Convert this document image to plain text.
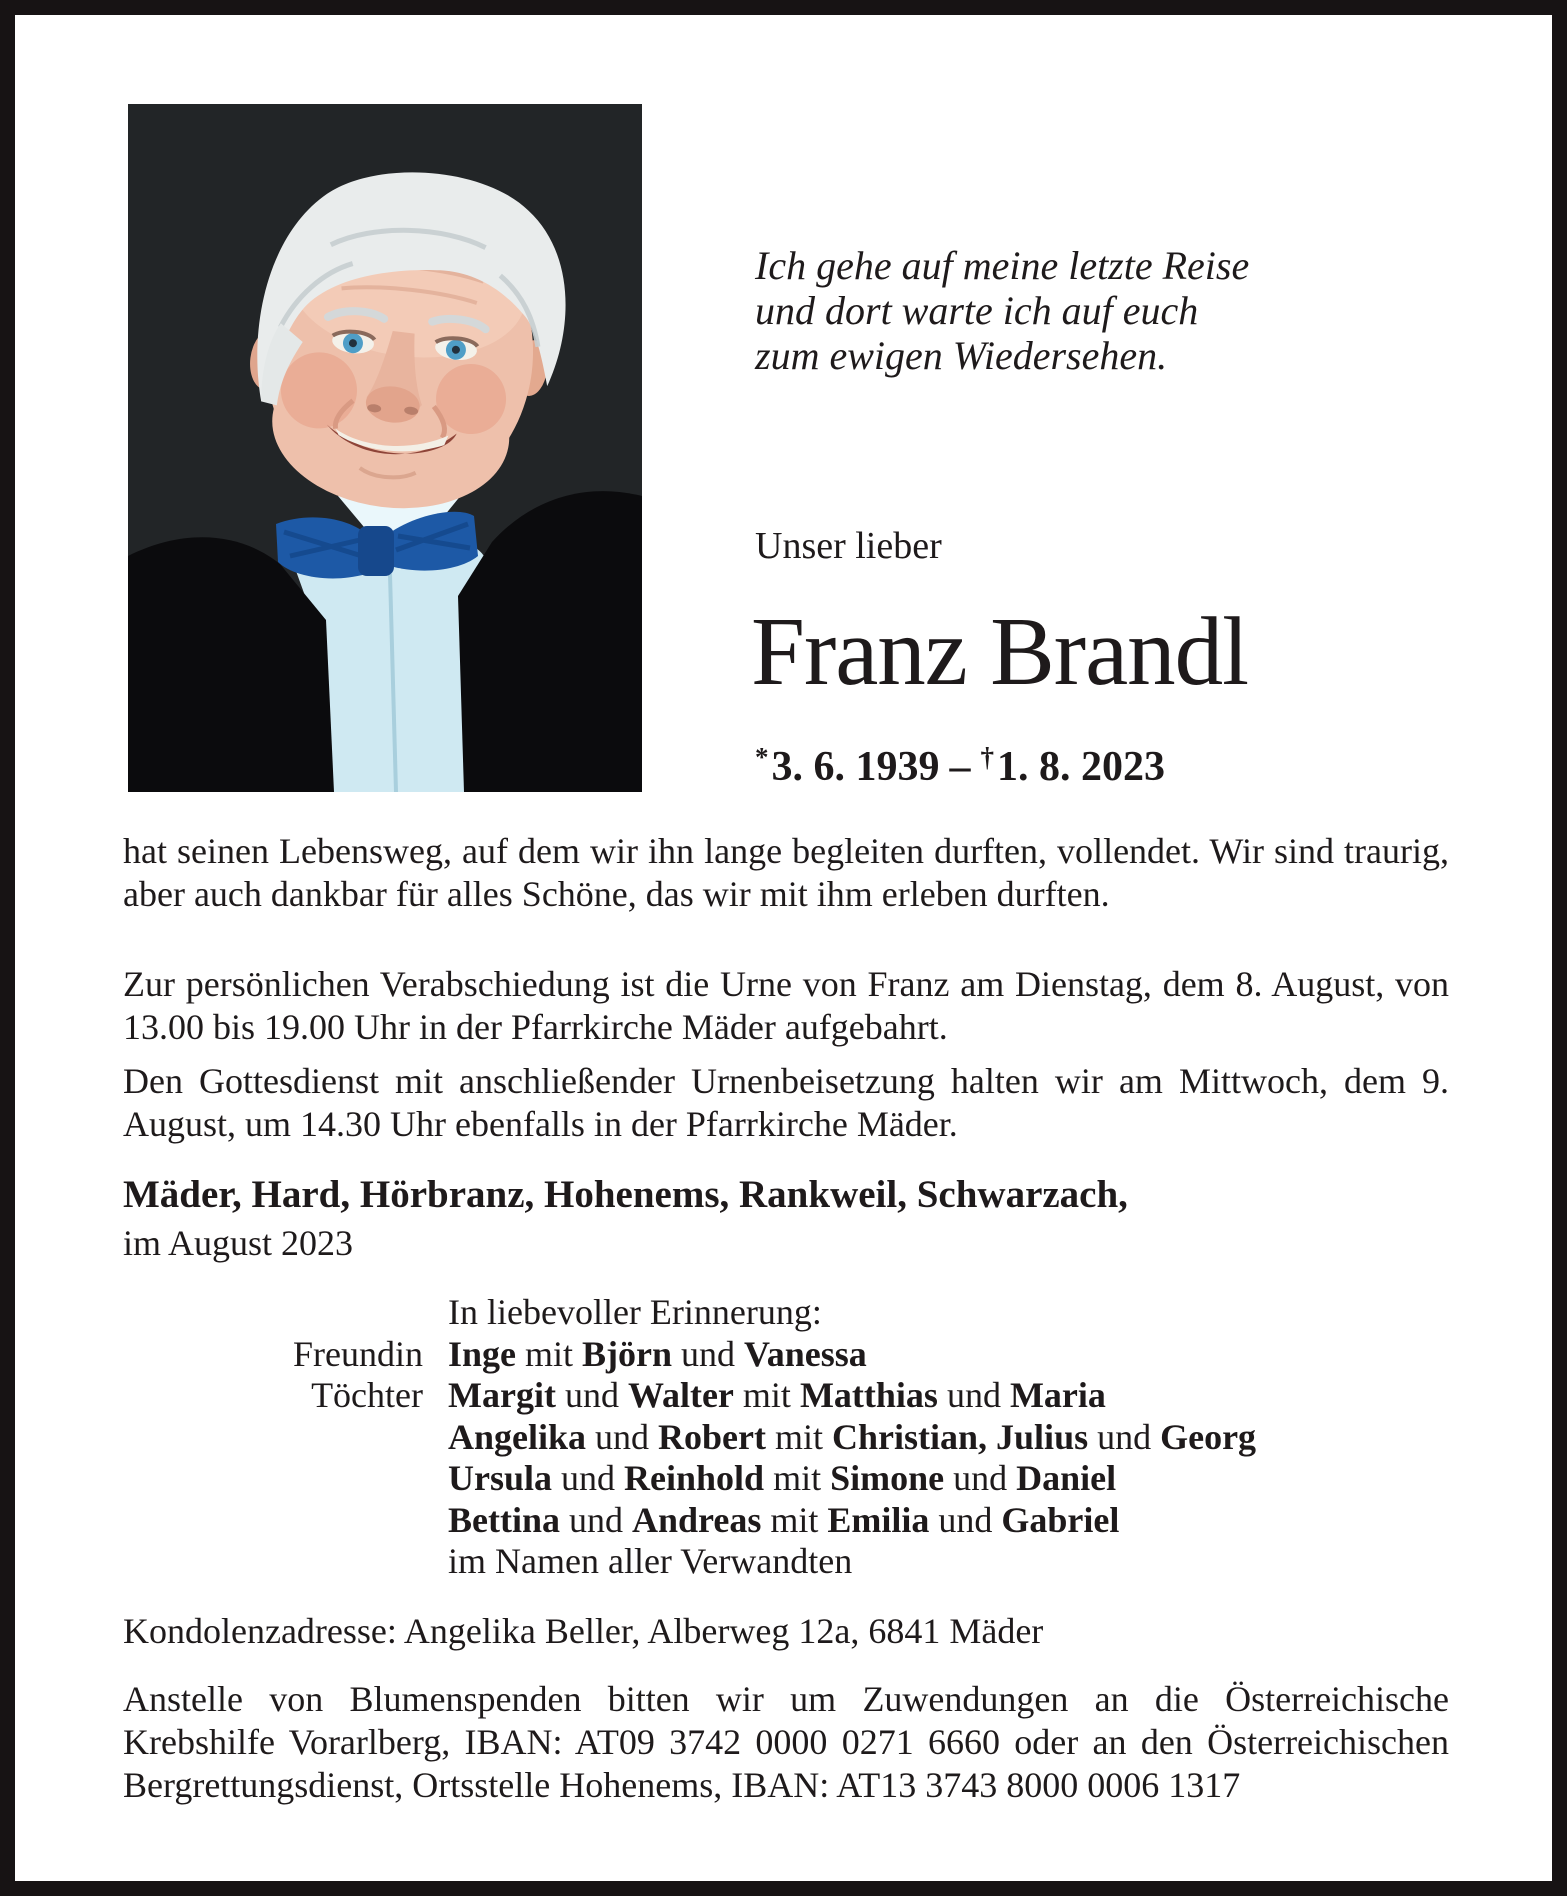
Ich gehe auf meine letzte Reise
und dort warte ich auf euch
zum ewigen Wiedersehen.
Unser lieber
Franz Brandl
*3. 6. 1939 – †1. 8. 2023

hat seinen Lebensweg, auf dem wir ihn lange begleiten durften, vollendet. Wir sind traurig, aber auch dankbar für alles Schöne, das wir mit ihm erleben durften.

Zur persönlichen Verabschiedung ist die Urne von Franz am Dienstag, dem 8. August, von 13.00 bis 19.00 Uhr in der Pfarrkirche Mäder aufgebahrt.

Den Gottesdienst mit anschließender Urnenbeisetzung halten wir am Mittwoch, dem 9. August, um 14.30 Uhr ebenfalls in der Pfarrkirche Mäder.

Mäder, Hard, Hörbranz, Hohenems, Rankweil, Schwarzach,
im August 2023
In liebevoller Erinnerung:
Freundin Inge mit Björn und Vanessa
Töchter Margit und Walter mit Matthias und Maria
Angelika und Robert mit Christian, Julius und Georg
Ursula und Reinhold mit Simone und Daniel
Bettina und Andreas mit Emilia und Gabriel
im Namen aller Verwandten
Kondolenzadresse: Angelika Beller, Alberweg 12a, 6841 Mäder

Anstelle von Blumenspenden bitten wir um Zuwendungen an die Österreichische Krebshilfe Vorarlberg, IBAN: AT09 3742 0000 0271 6660 oder an den Österreichischen Bergrettungsdienst, Ortsstelle Hohenems, IBAN: AT13 3743 8000 0006 1317
